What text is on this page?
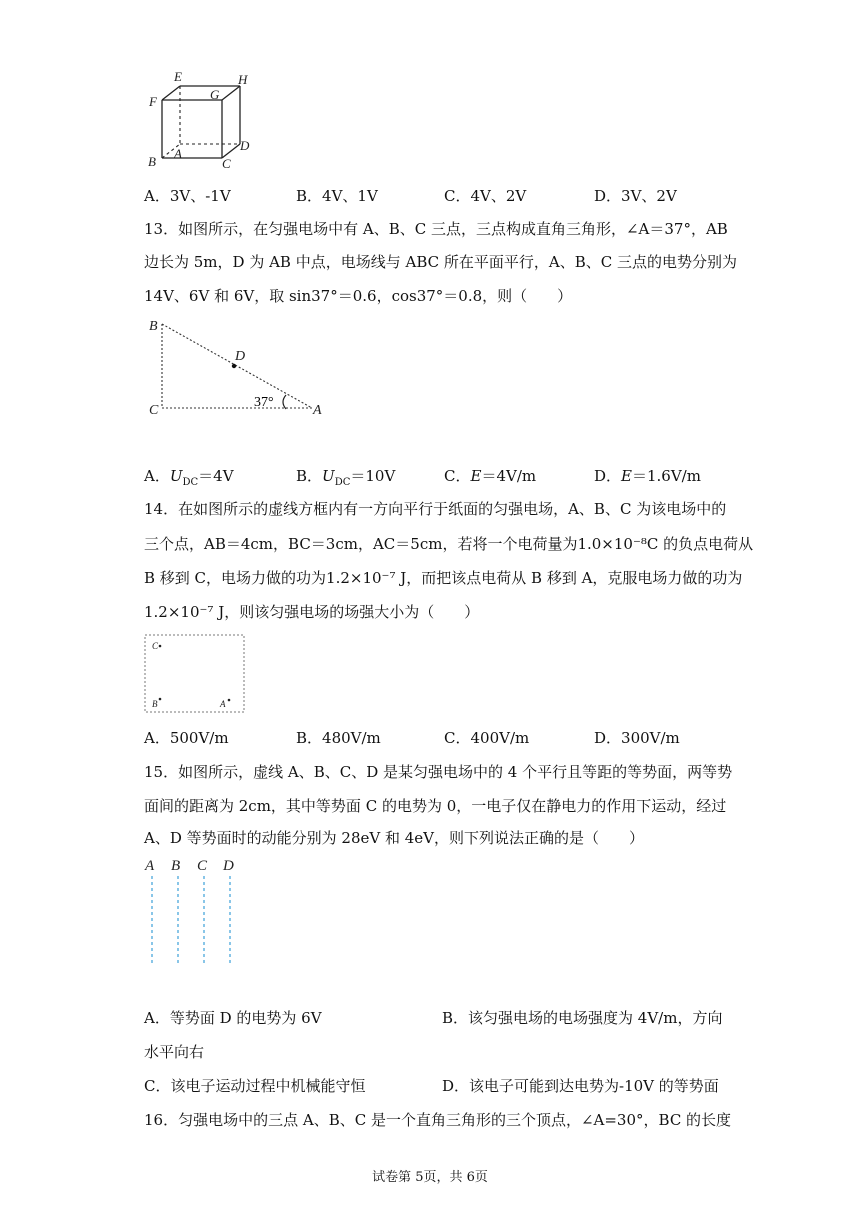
E	H
F	G
A
D
B	C
A．3V、-1V	B．4V、1V	C．4V、2V	D．3V、2V
13．如图所示，在匀强电场中有 A、B、C 三点，三点构成直角三角形，∠A＝37°，AB
边长为 5m，D 为 AB 中点，电场线与 ABC 所在平面平行，A、B、C 三点的电势分别为
14V、6V 和 6V，取 sin37°＝0.6，cos37°＝0.8，则（　　）
B
D
C	A
37°
A．$U_{DC}=4V$	B．$U_{DC}=10V$	C．E＝4V/m	D．E＝1.6V/m
14．在如图所示的虚线方框内有一方向平行于纸面的匀强电场，A、B、C 为该电场中的
三个点，AB＝4cm，BC＝3cm，AC＝5cm，若将一个电荷量为1.0×10⁻⁸C 的负点电荷从
B 移到 C，电场力做的功为1.2×10⁻⁷ J，而把该点电荷从 B 移到 A，克服电场力做的功为
1.2×10⁻⁷ J，则该匀强电场的场强大小为（　　）
C
B	A
A．500V/m	B．480V/m	C．400V/m	D．300V/m
15．如图所示，虚线 A、B、C、D 是某匀强电场中的 4 个平行且等距的等势面，两等势
面间的距离为 2cm，其中等势面 C 的电势为 0，一电子仅在静电力的作用下运动，经过
A、D 等势面时的动能分别为 28eV 和 4eV，则下列说法正确的是（　　）
A B C D
A．等势面 D 的电势为 6V	B．该匀强电场的电场强度为 4V/m，方向
水平向右
C．该电子运动过程中机械能守恒	D．该电子可能到达电势为-10V 的等势面
16．匀强电场中的三点 A、B、C 是一个直角三角形的三个顶点，∠A=30°，BC 的长度
试卷第 5页，共 6页
